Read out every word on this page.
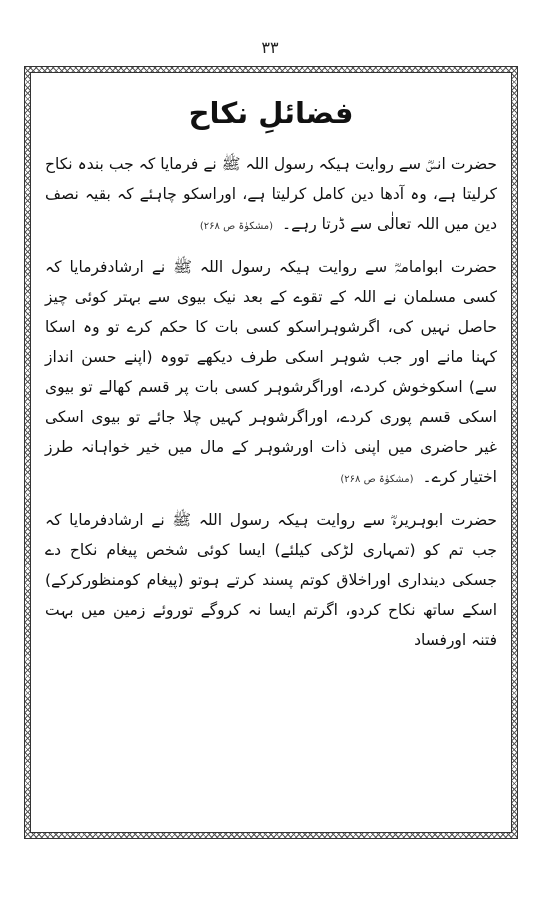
۳۳
فضائلِ نکاح

حضرت انسؓ سے روایت ہیکہ رسول اللہ ﷺ نے فرمایا کہ جب بندہ نکاح کرلیتا ہے، وہ آدھا دین کامل کرلیتا ہے، اوراسکو چاہئے کہ بقیہ نصف دین میں اللہ تعالٰی سے ڈرتا رہے۔ (مشکوٰۃ ص ۲۶۸)

حضرت ابوامامہؓ سے روایت ہیکہ رسول اللہ ﷺ نے ارشادفرمایا کہ کسی مسلمان نے اللہ کے تقوے کے بعد نیک بیوی سے بہتر کوئی چیز حاصل نہیں کی، اگرشوہراسکو کسی بات کا حکم کرے تو وہ اسکا کہنا مانے اور جب شوہر اسکی طرف دیکھے تووہ (اپنے حسن انداز سے) اسکوخوش کردے، اوراگرشوہر کسی بات پر قسم کھالے تو بیوی اسکی قسم پوری کردے، اوراگرشوہر کہیں چلا جائے تو بیوی اسکی غیر حاضری میں اپنی ذات اورشوہر کے مال میں خیر خواہانہ طرز اختیار کرے۔ (مشکوٰۃ ص ۲۶۸)

حضرت ابوہریرہؓ سے روایت ہیکہ رسول اللہ ﷺ نے ارشادفرمایا کہ جب تم کو (تمہاری لڑکی کیلئے) ایسا کوئی شخص پیغام نکاح دے جسکی دینداری اوراخلاق کوتم پسند کرتے ہوتو (پیغام کومنظورکرکے) اسکے ساتھ نکاح کردو، اگرتم ایسا نہ کروگے توروئے زمین میں بہت فتنہ اورفساد
